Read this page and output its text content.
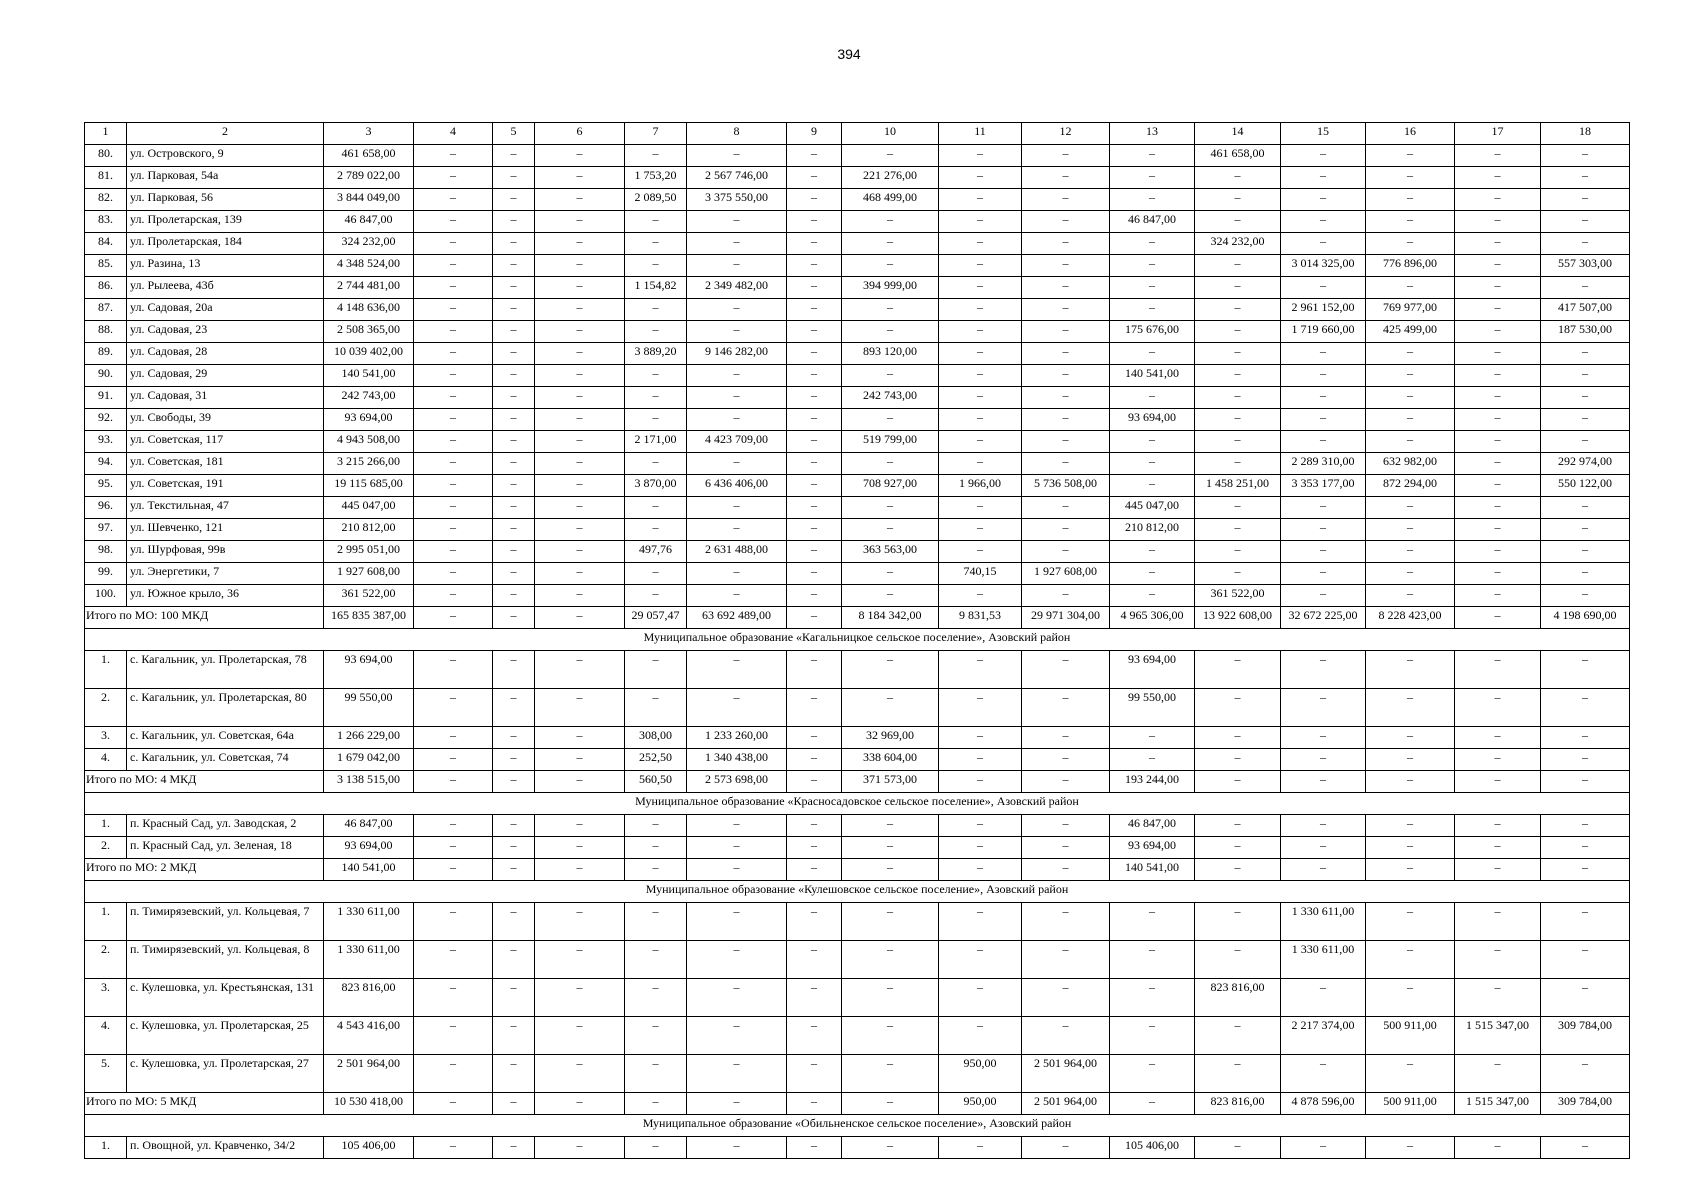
394
1	2	3	4	5	6	7	8	9	10	11	12	13	14	15	16	17	18
80.	ул. Островского, 9	461 658,00	–	–	–	–	–	–	–	–	–	–	461 658,00	–	–	–	–
81.	ул. Парковая, 54а	2 789 022,00	–	–	–	1 753,20	2 567 746,00	–	221 276,00	–	–	–	–	–	–	–	–
82.	ул. Парковая, 56	3 844 049,00	–	–	–	2 089,50	3 375 550,00	–	468 499,00	–	–	–	–	–	–	–	–
83.	ул. Пролетарская, 139	46 847,00	–	–	–	–	–	–	–	–	–	46 847,00	–	–	–	–	–
84.	ул. Пролетарская, 184	324 232,00	–	–	–	–	–	–	–	–	–	–	324 232,00	–	–	–	–
85.	ул. Разина, 13	4 348 524,00	–	–	–	–	–	–	–	–	–	–	–	3 014 325,00	776 896,00	–	557 303,00
86.	ул. Рылеева, 43б	2 744 481,00	–	–	–	1 154,82	2 349 482,00	–	394 999,00	–	–	–	–	–	–	–	–
87.	ул. Садовая, 20а	4 148 636,00	–	–	–	–	–	–	–	–	–	–	–	2 961 152,00	769 977,00	–	417 507,00
88.	ул. Садовая, 23	2 508 365,00	–	–	–	–	–	–	–	–	–	175 676,00	–	1 719 660,00	425 499,00	–	187 530,00
89.	ул. Садовая, 28	10 039 402,00	–	–	–	3 889,20	9 146 282,00	–	893 120,00	–	–	–	–	–	–	–	–
90.	ул. Садовая, 29	140 541,00	–	–	–	–	–	–	–	–	–	140 541,00	–	–	–	–	–
91.	ул. Садовая, 31	242 743,00	–	–	–	–	–	–	242 743,00	–	–	–	–	–	–	–	–
92.	ул. Свободы, 39	93 694,00	–	–	–	–	–	–	–	–	–	93 694,00	–	–	–	–	–
93.	ул. Советская, 117	4 943 508,00	–	–	–	2 171,00	4 423 709,00	–	519 799,00	–	–	–	–	–	–	–	–
94.	ул. Советская, 181	3 215 266,00	–	–	–	–	–	–	–	–	–	–	–	2 289 310,00	632 982,00	–	292 974,00
95.	ул. Советская, 191	19 115 685,00	–	–	–	3 870,00	6 436 406,00	–	708 927,00	1 966,00	5 736 508,00	–	1 458 251,00	3 353 177,00	872 294,00	–	550 122,00
96.	ул. Текстильная, 47	445 047,00	–	–	–	–	–	–	–	–	–	445 047,00	–	–	–	–	–
97.	ул. Шевченко, 121	210 812,00	–	–	–	–	–	–	–	–	–	210 812,00	–	–	–	–	–
98.	ул. Шурфовая, 99в	2 995 051,00	–	–	–	497,76	2 631 488,00	–	363 563,00	–	–	–	–	–	–	–	–
99.	ул. Энергетики, 7	1 927 608,00	–	–	–	–	–	–	–	740,15	1 927 608,00	–	–	–	–	–	–
100.	ул. Южное крыло, 36	361 522,00	–	–	–	–	–	–	–	–	–	–	361 522,00	–	–	–	–
Итого по МО: 100 МКД		165 835 387,00	–	–	–	29 057,47	63 692 489,00	–	8 184 342,00	9 831,53	29 971 304,00	4 965 306,00	13 922 608,00	32 672 225,00	8 228 423,00	–	4 198 690,00
Муниципальное образование «Кагальницкое сельское поселение», Азовский район																	
1.	с. Кагальник, ул. Пролетарская, 78	93 694,00	–	–	–	–	–	–	–	–	–	93 694,00	–	–	–	–	–
2.	с. Кагальник, ул. Пролетарская, 80	99 550,00	–	–	–	–	–	–	–	–	–	99 550,00	–	–	–	–	–
3.	с. Кагальник, ул. Советская, 64а	1 266 229,00	–	–	–	308,00	1 233 260,00	–	32 969,00	–	–	–	–	–	–	–	–
4.	с. Кагальник, ул. Советская, 74	1 679 042,00	–	–	–	252,50	1 340 438,00	–	338 604,00	–	–	–	–	–	–	–	–
Итого по МО: 4 МКД		3 138 515,00	–	–	–	560,50	2 573 698,00	–	371 573,00	–	–	193 244,00	–	–	–	–	–
Муниципальное образование «Красносадовское сельское поселение», Азовский район																	
1.	п. Красный Сад, ул. Заводская, 2	46 847,00	–	–	–	–	–	–	–	–	–	46 847,00	–	–	–	–	–
2.	п. Красный Сад, ул. Зеленая, 18	93 694,00	–	–	–	–	–	–	–	–	–	93 694,00	–	–	–	–	–
Итого по МО: 2 МКД		140 541,00	–	–	–	–	–	–	–	–	–	140 541,00	–	–	–	–	–
Муниципальное образование «Кулешовское сельское поселение», Азовский район																	
1.	п. Тимирязевский, ул. Кольцевая, 7	1 330 611,00	–	–	–	–	–	–	–	–	–	–	–	1 330 611,00	–	–	–
2.	п. Тимирязевский, ул. Кольцевая, 8	1 330 611,00	–	–	–	–	–	–	–	–	–	–	–	1 330 611,00	–	–	–
3.	с. Кулешовка, ул. Крестьянская, 131	823 816,00	–	–	–	–	–	–	–	–	–	–	823 816,00	–	–	–	–
4.	с. Кулешовка, ул. Пролетарская, 25	4 543 416,00	–	–	–	–	–	–	–	–	–	–	–	2 217 374,00	500 911,00	1 515 347,00	309 784,00
5.	с. Кулешовка, ул. Пролетарская, 27	2 501 964,00	–	–	–	–	–	–	–	950,00	2 501 964,00	–	–	–	–	–	–
Итого по МО: 5 МКД		10 530 418,00	–	–	–	–	–	–	–	950,00	2 501 964,00	–	823 816,00	4 878 596,00	500 911,00	1 515 347,00	309 784,00
Муниципальное образование «Обильненское сельское поселение», Азовский район																	
1.	п. Овощной, ул. Кравченко, 34/2	105 406,00	–	–	–	–	–	–	–	–	–	105 406,00	–	–	–	–	–
